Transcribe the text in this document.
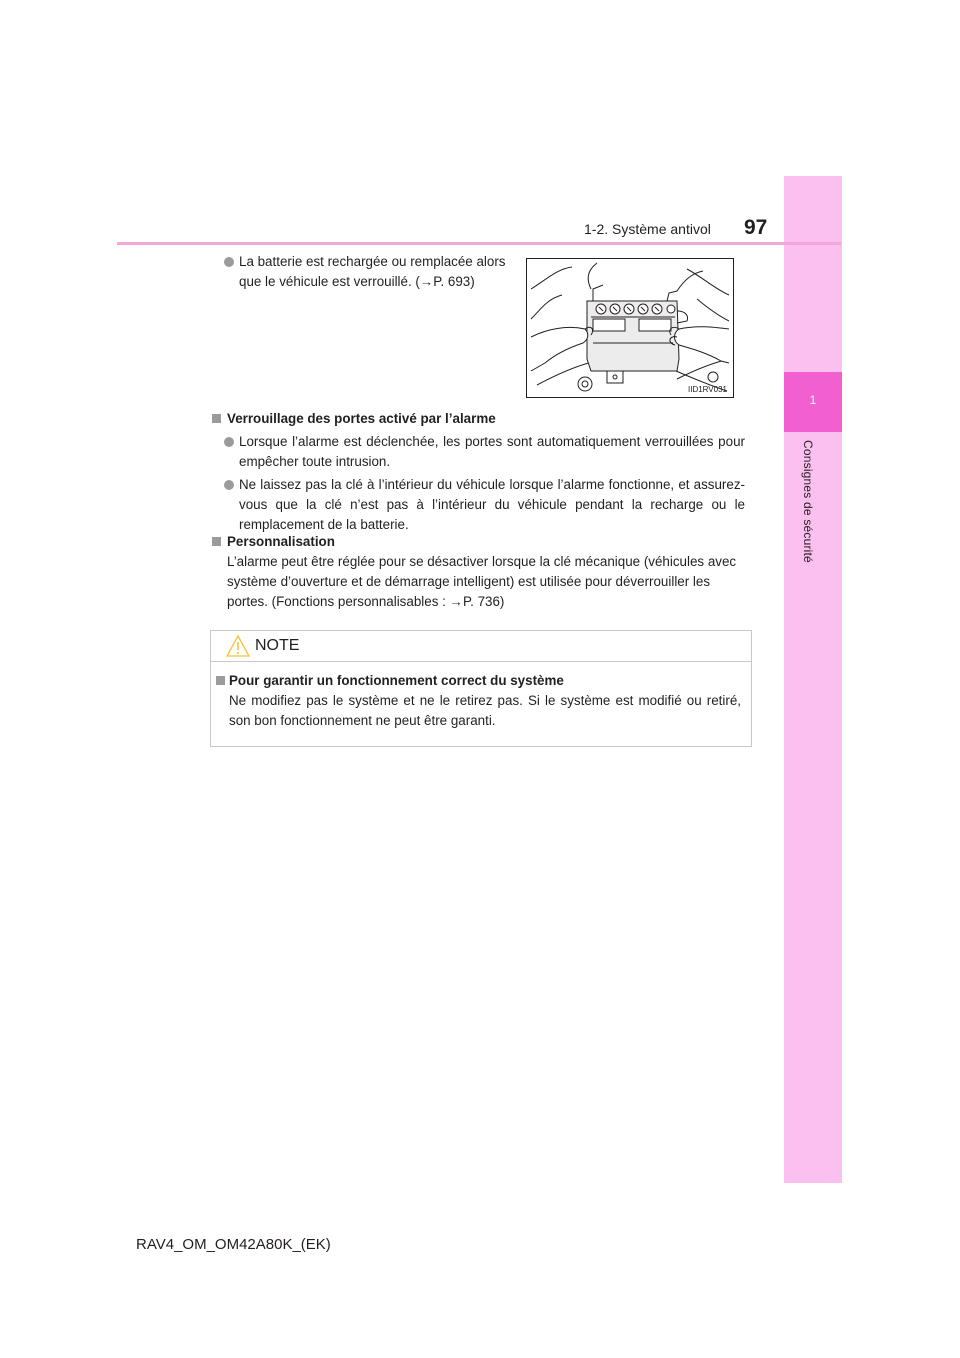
1
Consignes de sécurité
1-2. Système antivol 97
La batterie est rechargée ou remplacée alors
que le véhicule est verrouillé. (→P. 693)
IID1RV031
Verrouillage des portes activé par l’alarme
Lorsque l’alarme est déclenchée, les portes sont automatiquement verrouillées pour empêcher toute intrusion.
Ne laissez pas la clé à l’intérieur du véhicule lorsque l’alarme fonctionne, et assurez-vous que la clé n’est pas à l’intérieur du véhicule pendant la recharge ou le remplacement de la batterie.
Personnalisation
L’alarme peut être réglée pour se désactiver lorsque la clé mécanique (véhicules avec système d’ouverture et de démarrage intelligent) est utilisée pour déverrouiller les portes. (Fonctions personnalisables : →P. 736)
NOTE
Pour garantir un fonctionnement correct du système
Ne modifiez pas le système et ne le retirez pas. Si le système est modifié ou retiré, son bon fonctionnement ne peut être garanti.
RAV4_OM_OM42A80K_(EK)
